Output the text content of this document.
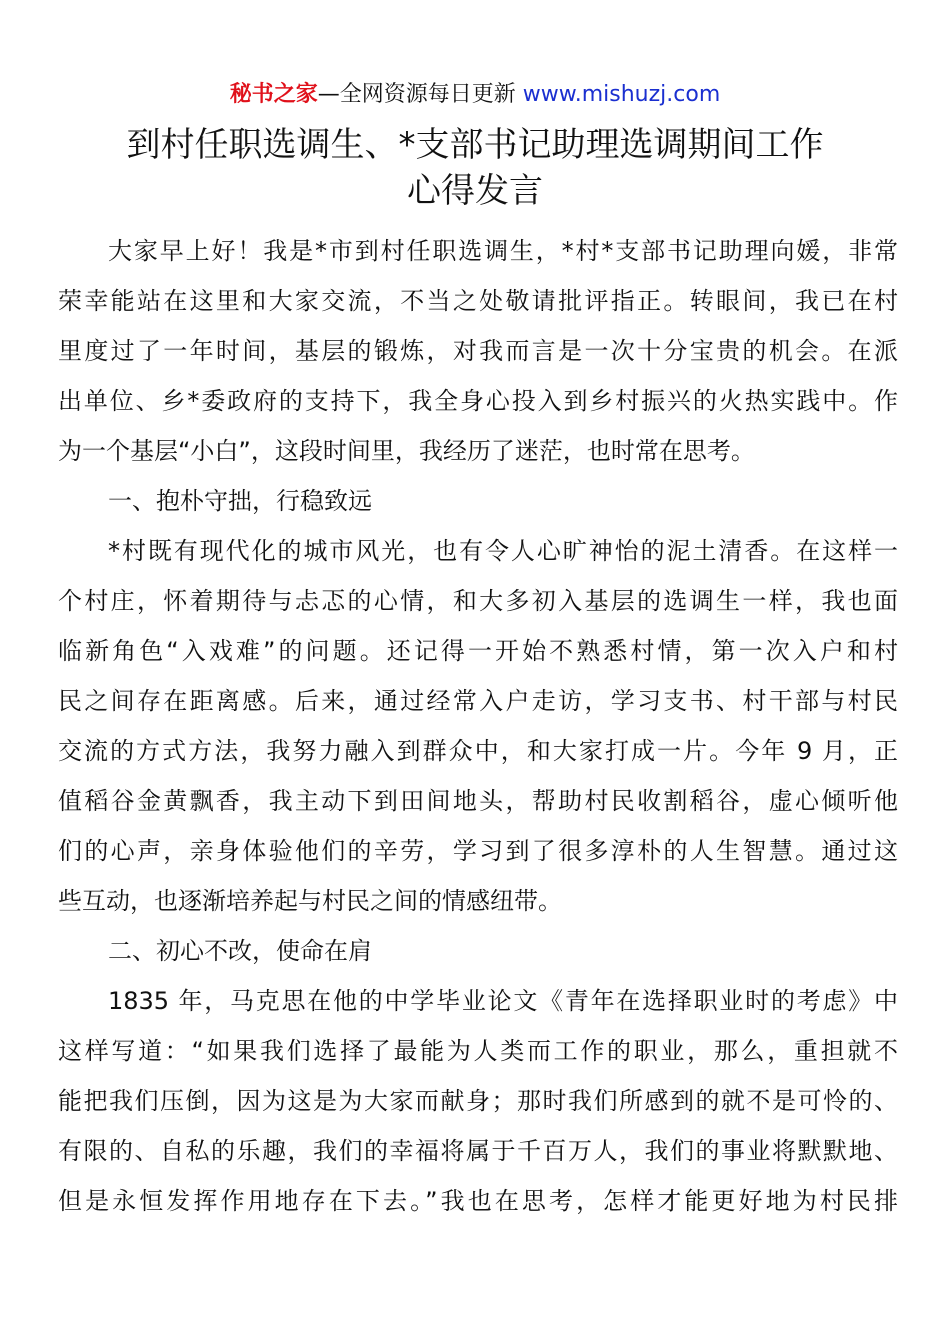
秘书之家—全网资源每日更新 www.mishuzj.com
到村任职选调生、*支部书记助理选调期间工作
心得发言
大家早上好！我是*市到村任职选调生，*村*支部书记助理向媛，非常
荣幸能站在这里和大家交流，不当之处敬请批评指正。转眼间，我已在村
里度过了一年时间，基层的锻炼，对我而言是一次十分宝贵的机会。在派
出单位、乡*委政府的支持下，我全身心投入到乡村振兴的火热实践中。作
为一个基层“小白”，这段时间里，我经历了迷茫，也时常在思考。
一、抱朴守拙，行稳致远
*村既有现代化的城市风光，也有令人心旷神怡的泥土清香。在这样一
个村庄，怀着期待与忐忑的心情，和大多初入基层的选调生一样，我也面
临新角色“入戏难”的问题。还记得一开始不熟悉村情，第一次入户和村
民之间存在距离感。后来，通过经常入户走访，学习支书、村干部与村民
交流的方式方法，我努力融入到群众中，和大家打成一片。今年 9 月，正
值稻谷金黄飘香，我主动下到田间地头，帮助村民收割稻谷，虚心倾听他
们的心声，亲身体验他们的辛劳，学习到了很多淳朴的人生智慧。通过这
些互动，也逐渐培养起与村民之间的情感纽带。
二、初心不改，使命在肩
1835 年，马克思在他的中学毕业论文《青年在选择职业时的考虑》中
这样写道：“如果我们选择了最能为人类而工作的职业，那么，重担就不
能把我们压倒，因为这是为大家而献身；那时我们所感到的就不是可怜的、
有限的、自私的乐趣，我们的幸福将属于千百万人，我们的事业将默默地、
但是永恒发挥作用地存在下去。”我也在思考，怎样才能更好地为村民排
